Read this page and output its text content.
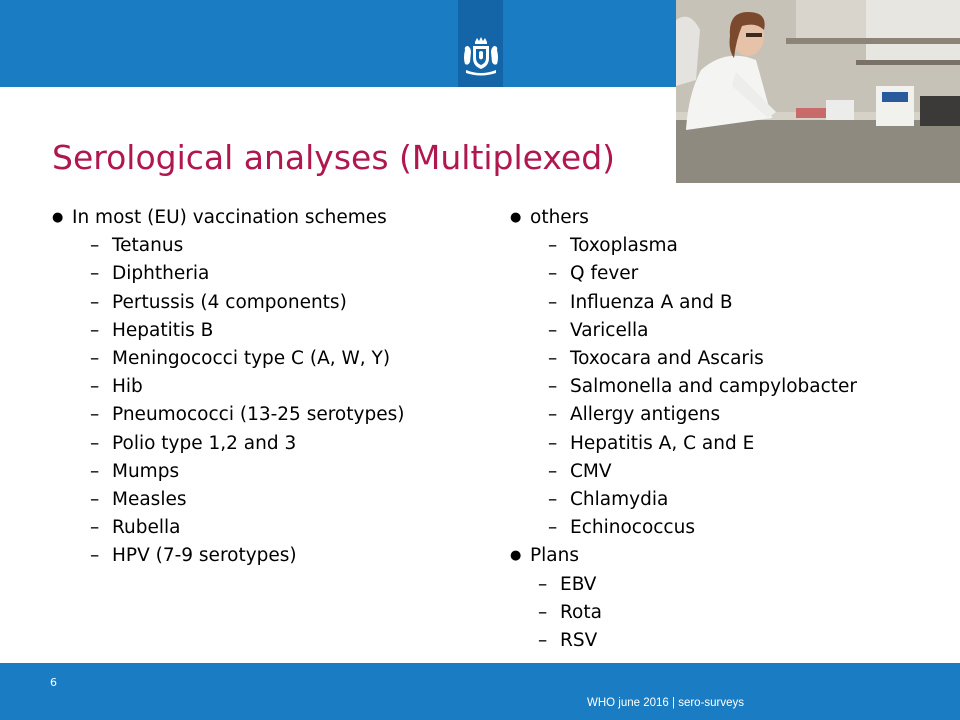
Serological analyses (Multiplexed)
● In most (EU) vaccination schemes
– Tetanus
– Diphtheria
– Pertussis (4 components)
– Hepatitis B
– Meningococci type C (A, W, Y)
– Hib
– Pneumococci (13-25 serotypes)
– Polio type 1,2 and 3
– Mumps
– Measles
– Rubella
– HPV (7-9 serotypes)
● others
– Toxoplasma
– Q fever
– Influenza A and B
– Varicella
– Toxocara and Ascaris
– Salmonella and campylobacter
– Allergy antigens
– Hepatitis A, C and E
– CMV
– Chlamydia
– Echinococcus
● Plans
– EBV
– Rota
– RSV
6
WHO june 2016 | sero-surveys
